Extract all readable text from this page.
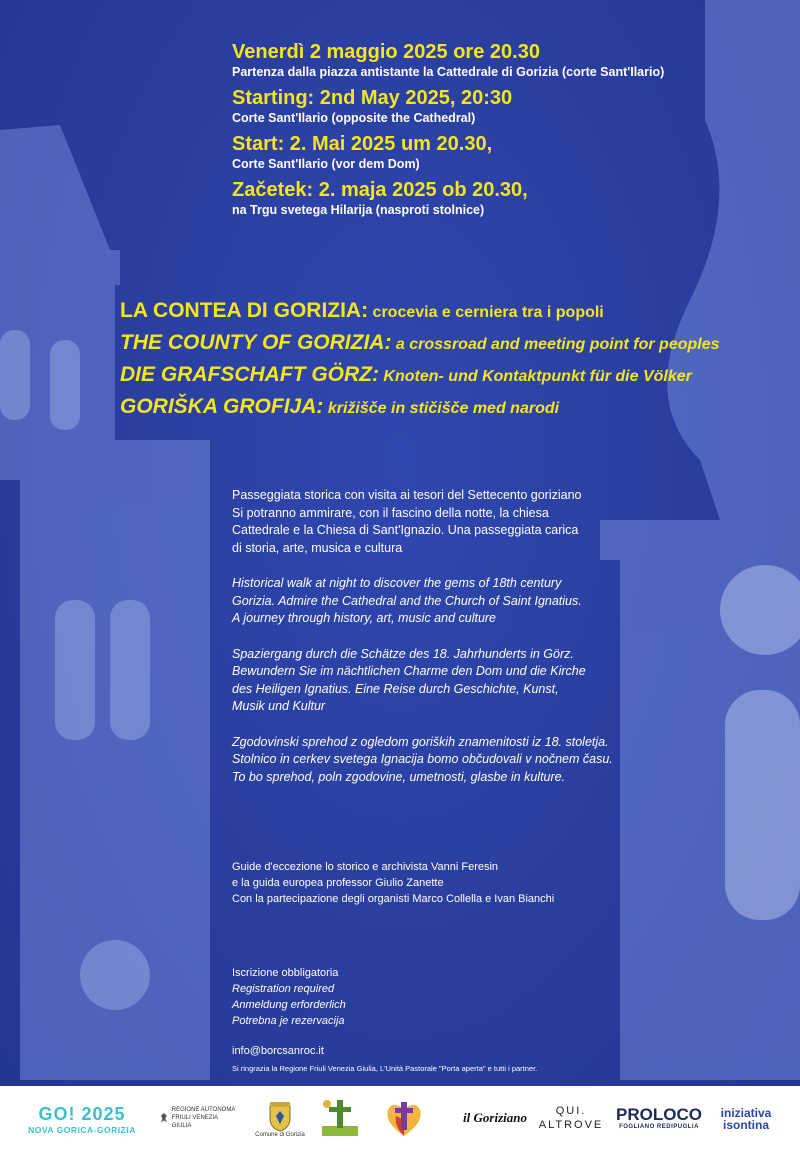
Venerdì 2 maggio 2025 ore 20.30

Partenza dalla piazza antistante la Cattedrale di Gorizia (corte Sant'Ilario)

Starting: 2nd May 2025, 20:30

Corte Sant'Ilario (opposite the Cathedral)

Start: 2. Mai 2025 um 20.30,

Corte Sant'Ilario (vor dem Dom)

Začetek: 2. maja 2025 ob 20.30,

na Trgu svetega Hilarija (nasproti stolnice)

LA CONTEA DI GORIZIA: crocevia e cerniera tra i popoli
THE COUNTY OF GORIZIA: a crossroad and meeting point for peoples
DIE GRAFSCHAFT GÖRZ: Knoten- und Kontaktpunkt für die Völker
GORIŠKA GROFIJA: križišče in stičišče med narodi

Passeggiata storica con visita ai tesori del Settecento goriziano
Si potranno ammirare, con il fascino della notte, la chiesa
Cattedrale e la Chiesa di Sant'Ignazio. Una passeggiata carica
di storia, arte, musica e cultura

Historical walk at night to discover the gems of 18th century
Gorizia. Admire the Cathedral and the Church of Saint Ignatius.
A journey through history, art, music and culture

Spaziergang durch die Schätze des 18. Jahrhunderts in Görz.
Bewundern Sie im nächtlichen Charme den Dom und die Kirche
des Heiligen Ignatius. Eine Reise durch Geschichte, Kunst,
Musik und Kultur

Zgodovinski sprehod z ogledom goriških znamenitosti iz 18. stoletja.
Stolnico in cerkev svetega Ignacija bomo občudovali v nočnem času.
To bo sprehod, poln zgodovine, umetnosti, glasbe in kulture.

Guide d'eccezione lo storico e archivista Vanni Feresin
e la guida europea professor Giulio Zanette
Con la partecipazione degli organisti Marco Collella e Ivan Bianchi
Iscrizione obbligatoria
Registration required
Anmeldung erforderlich
Potrebna je rezervacija
info@borcsanroc.it
Si ringrazia la Regione Friuli Venezia Giulia, L'Unità Pastorale "Porta aperta" e tutti i partner.
GO! 2025
NOVA GORICA-GORIZIA
REGIONE AUTONOMA FRIULI VENEZIA GIULIA
Comune di Gorizia
il Goriziano	QUI.
ALTROVE
PROLOCO
FOGLIANO REDIPUGLIA
iniziativa
isontina
